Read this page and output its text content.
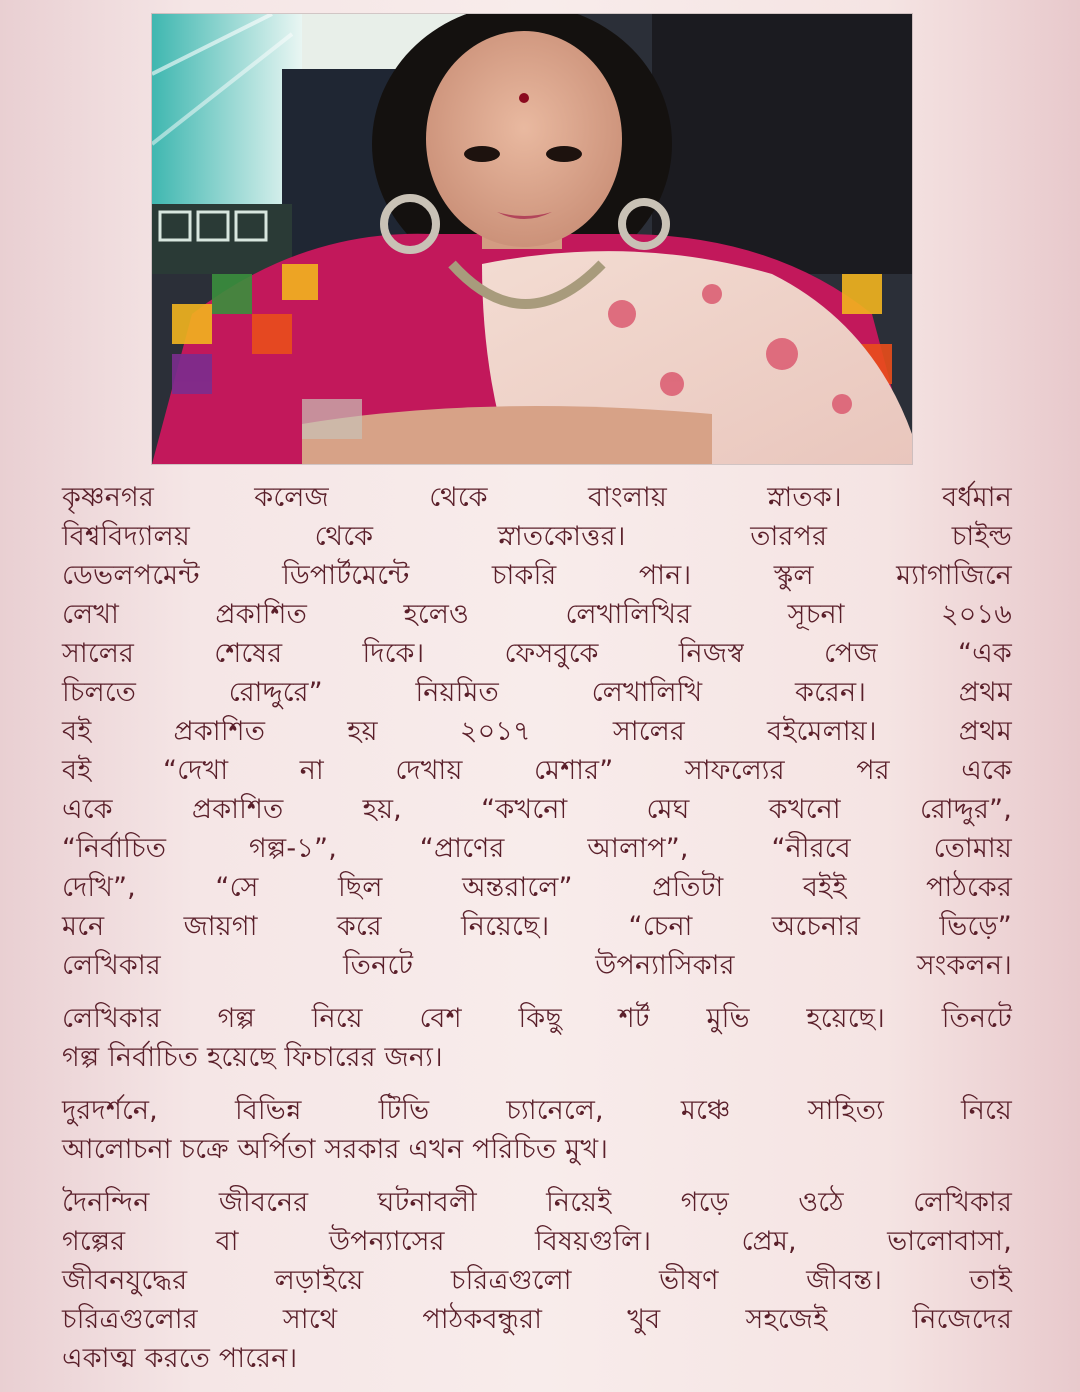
কৃষ্ণনগর কলেজ থেকে বাংলায় স্নাতক। বর্ধমান
বিশ্ববিদ্যালয় থেকে স্নাতকোত্তর। তারপর চাইল্ড
ডেভলপমেন্ট ডিপার্টমেন্টে চাকরি পান। স্কুল ম্যাগাজিনে
লেখা প্রকাশিত হলেও লেখালিখির সূচনা ২০১৬
সালের শেষের দিকে। ফেসবুকে নিজস্ব পেজ “এক
চিলতে রোদ্দুরে” নিয়মিত লেখালিখি করেন। প্রথম
বই প্রকাশিত হয় ২০১৭ সালের বইমেলায়। প্রথম
বই “দেখা না দেখায় মেশার” সাফল্যের পর একে
একে প্রকাশিত হয়, “কখনো মেঘ কখনো রোদ্দুর”,
“নির্বাচিত গল্প-১”, “প্রাণের আলাপ”, “নীরবে তোমায়
দেখি”, “সে ছিল অন্তরালে” প্রতিটা বইই পাঠকের
মনে জায়গা করে নিয়েছে। “চেনা অচেনার ভিড়ে”
লেখিকার তিনটে উপন্যাসিকার সংকলন।
লেখিকার গল্প নিয়ে বেশ কিছু শর্ট মুভি হয়েছে। তিনটে
গল্প নির্বাচিত হয়েছে ফিচারের জন্য।
দুরদর্শনে, বিভিন্ন টিভি চ্যানেলে, মঞ্চে সাহিত্য নিয়ে
আলোচনা চক্রে অর্পিতা সরকার এখন পরিচিত মুখ।
দৈনন্দিন জীবনের ঘটনাবলী নিয়েই গড়ে ওঠে লেখিকার
গল্পের বা উপন্যাসের বিষয়গুলি। প্রেম, ভালোবাসা,
জীবনযুদ্ধের লড়াইয়ে চরিত্রগুলো ভীষণ জীবন্ত। তাই
চরিত্রগুলোর সাথে পাঠকবন্ধুরা খুব সহজেই নিজেদের
একাত্ম করতে পারেন।
